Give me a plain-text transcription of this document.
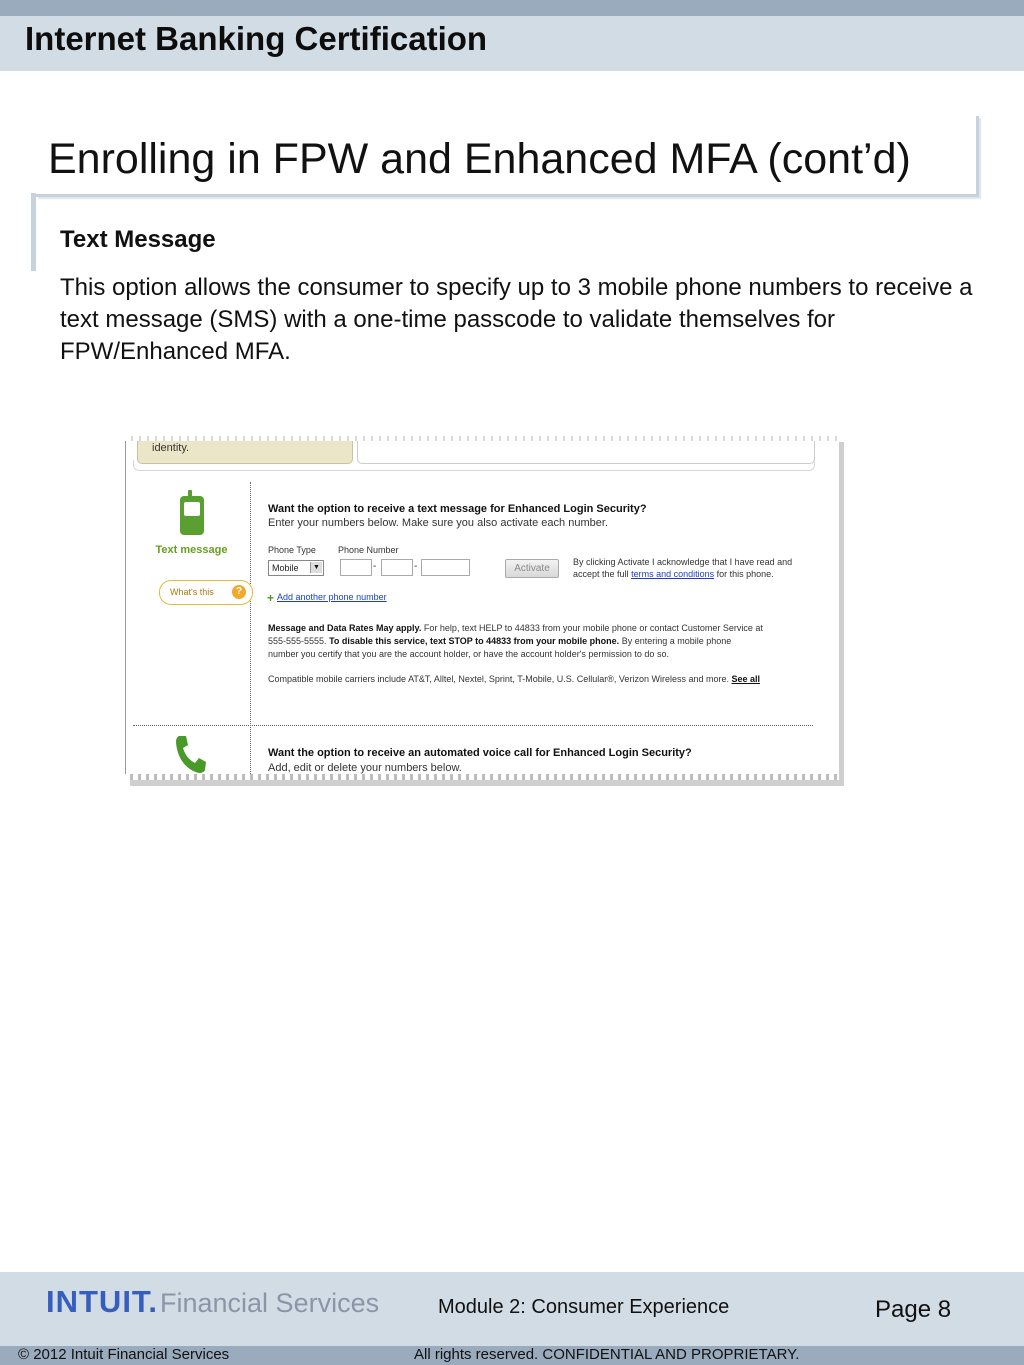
Internet Banking Certification
Enrolling in FPW and Enhanced MFA (cont’d)
Text Message
This option allows the consumer to specify up to 3 mobile phone numbers to receive a text message (SMS) with a one-time passcode to validate themselves for FPW/Enhanced MFA.
identity.
Text message
What's this	?
Want the option to receive a text message for Enhanced Login Security?
Enter your numbers below. Make sure you also activate each number.
Phone Type Phone Number
Mobile	▼	-	-	Activate
By clicking Activate I acknowledge that I have read and
accept the full terms and conditions for this phone.
+ Add another phone number
Message and Data Rates May apply. For help, text HELP to 44833 from your mobile phone or contact Customer Service at
555-555-5555. To disable this service, text STOP to 44833 from your mobile phone. By entering a mobile phone
number you certify that you are the account holder, or have the account holder's permission to do so.
Compatible mobile carriers include AT&T, Alltel, Nextel, Sprint, T-Mobile, U.S. Cellular®, Verizon Wireless and more. See all
Want the option to receive an automated voice call for Enhanced Login Security?
Add, edit or delete your numbers below.
INTUIT. Financial Services	Module 2: Consumer Experience	Page 8
© 2012 Intuit Financial Services	All rights reserved. CONFIDENTIAL AND PROPRIETARY.
